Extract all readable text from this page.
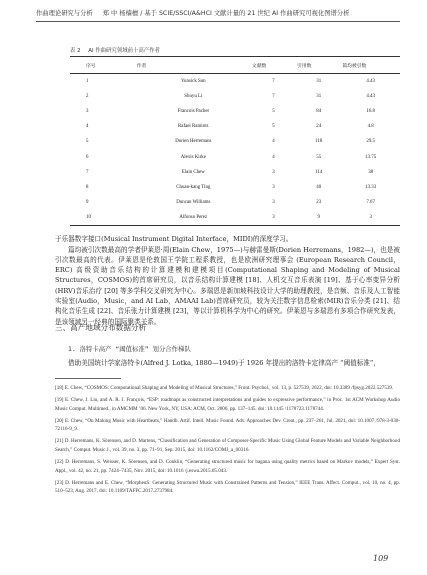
作曲理论研究与分析 郑 中 杨樯檀 / 基于 SCIE/SSCI/A&HCI 文献计量的 21 世纪 AI 作曲研究可视化图谱分析
表 2 AI 作曲研究领域前十高产作者
序号	作者	文献数	引用数	篇均被引数
1	Yunsick Sun	7	31	4.43
2	Shuyu Li	7	31	4.43
3	Francois Pachet	5	84	16.8
4	Rafael Ramirez	5	24	4.8
5	Dorien Herremans	4	118	29.5
6	Alexis Kirke	4	55	13.75
7	Elain Chew	3	114	38
8	Chuan-kang Ting	3	40	13.33
9	Duncan Williams	3	23	7.67
10	Alfonso Perez	3	9	3
于乐器数字接口(Musical Instrument Digital Interface，MIDI)的深度学习。
篇均被引次数最高的学者伊莱恩·周(Elain Chew，1975—)与赫雷曼斯(Dorien Herremans，1982—)，也是被引次数最高的代表。伊莱恩是伦敦国王学院工程系教授，也是欧洲研究理事会 (European Research Council，ERC) 高级资助音乐结构的计算建模和建模项目(Computational Shaping and Modeling of Musical Structures，COSMOS)的首席研究员，以音乐结构计算建模 [18]、人机交互音乐表演 [19]、基于心率变异分析(HRV)音乐治疗 [20] 等多学科交叉研究为中心。多瑞恩是新加坡科技设计大学的助理教授，是音频、音乐及人工智能实验室(Audio，Music，and AI Lab，AMAAI Lab)首席研究员，较为关注数字信息检索(MIR)音乐分类 [21]、结构化音乐生成 [22]、音乐张力计算建模 [23]，等以计算机科学为中心的研究。伊莱恩与多瑞恩有多项合作研究发表，是该领域另一经典的国际聚类关系。
三、高产地域分布数据分析
1. 洛特卡高产 “阈值标准” 划分合作梯队
借助美国统计学家洛特卡(Alfred J. Lotka, 1880—1949)于 1926 年提出的洛特卡定律高产 “阈值标准”，
[18] E. Chew, “COSMOS: Computational Shaping and Modeling of Musical Structures,” Front. Psychol., vol. 13, p. 527539, 2022, doi: 10.3389 /fpsyg.2022.527539.
[19] E. Chew, J. Liu, and A. R. J. François, “ESP: roadmaps as constructed interpretations and guides to expressive performance,” in Proc. 1st ACM Workshop Audio Music Comput. Multimed., in AMCMM ’06. New York, NY, USA: ACM, Oct. 2006, pp. 137–145. doi: 10.1145 /1178723.1178744.
[20] E. Chew, “On Making Music with Heartbeats,” Handb. Artif. Intell. Music Found. Adv. Approaches Dev. Creat., pp. 237–261, Jul. 2021, doi: 10.1007 /978-3-030-72116-9_9.
[21] D. Herremans, K. Sörensen, and D. Martens, “Classification and Generation of Composer-Specific Music Using Global Feature Models and Variable Neighborhood Search,” Comput. Music J., vol. 39, no. 3, pp. 71–91, Sep. 2015, doi: 10.1162/COMJ_a_00316.
[22] D. Herremans, S. Weisser, K. Sörensen, and D. Conklin, “Generating structured music for bagana using quality metrics based on Markov models,” Expert Syst. Appl., vol. 42, no. 21, pp. 7424–7435, Nov. 2015, doi: 10.1016 /j.eswa.2015.05.043.
[23] D. Herremans and E. Chew, “MorpheuS: Generating Structured Music with Constrained Patterns and Tension,” IEEE Trans. Affect. Comput., vol. 10, no. 4, pp. 510–523, Aug. 2017, doi: 10.1109/TAFFC.2017.2737984.
109
